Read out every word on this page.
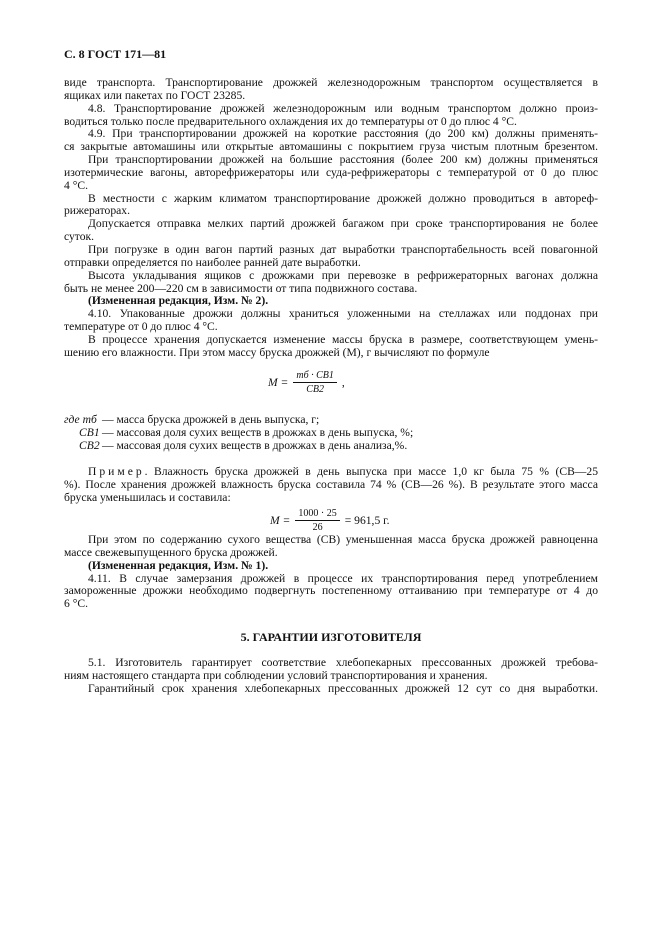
С. 8 ГОСТ 171—81
виде транспорта. Транспортирование дрожжей железнодорожным транспортом осуществляется в
ящиках или пакетах по ГОСТ 23285.
4.8. Транспортирование дрожжей железнодорожным или водным транспортом должно произ-
водиться только после предварительного охлаждения их до температуры от 0 до плюс 4 °С.
4.9. При транспортировании дрожжей на короткие расстояния (до 200 км) должны применять-
ся закрытые автомашины или открытые автомашины с покрытием груза чистым плотным брезентом.
При транспортировании дрожжей на большие расстояния (более 200 км) должны применяться
изотермические вагоны, авторефрижераторы или суда-рефрижераторы с температурой от 0 до плюс
4 °С.
В местности с жарким климатом транспортирование дрожжей должно проводиться в автореф-
рижераторах.
Допускается отправка мелких партий дрожжей багажом при сроке транспортирования не более
суток.
При погрузке в один вагон партий разных дат выработки транспортабельность всей повагонной
отправки определяется по наиболее ранней дате выработки.
Высота укладывания ящиков с дрожжами при перевозке в рефрижераторных вагонах должна
быть не менее 200—220 см в зависимости от типа подвижного состава.
(Измененная редакция, Изм. № 2).
4.10. Упакованные дрожжи должны храниться уложенными на стеллажах или поддонах при
температуре от 0 до плюс 4 °С.
В процессе хранения допускается изменение массы бруска в размере, соответствующем умень-
шению его влажности. При этом массу бруска дрожжей (М), г вычисляют по формуле
$M = \frac{mб \cdot CB1}{CB2}$ ,
где mб — масса бруска дрожжей в день выпуска, г;
CB1 — массовая доля сухих веществ в дрожжах в день выпуска, %;
CB2 — массовая доля сухих веществ в дрожжах в день анализа,%.
Пример. Влажность бруска дрожжей в день выпуска при массе 1,0 кг была 75 % (СВ—25
%). После хранения дрожжей влажность бруска составила 74 % (СВ—26 %). В результате этого масса
бруска уменьшилась и составила:
$M = \frac{1000 \cdot 25}{26} = 961,5$ г.
При этом по содержанию сухого вещества (СВ) уменьшенная масса бруска дрожжей равноценна
массе свежевыпущенного бруска дрожжей.
(Измененная редакция, Изм. № 1).
4.11. В случае замерзания дрожжей в процессе их транспортирования перед употреблением
замороженные дрожжи необходимо подвергнуть постепенному оттаиванию при температуре от 4 до
6 °С.
5. ГАРАНТИИ ИЗГОТОВИТЕЛЯ
5.1. Изготовитель гарантирует соответствие хлебопекарных прессованных дрожжей требова-
ниям настоящего стандарта при соблюдении условий транспортирования и хранения.
Гарантийный срок хранения хлебопекарных прессованных дрожжей 12 сут со дня выработки.
